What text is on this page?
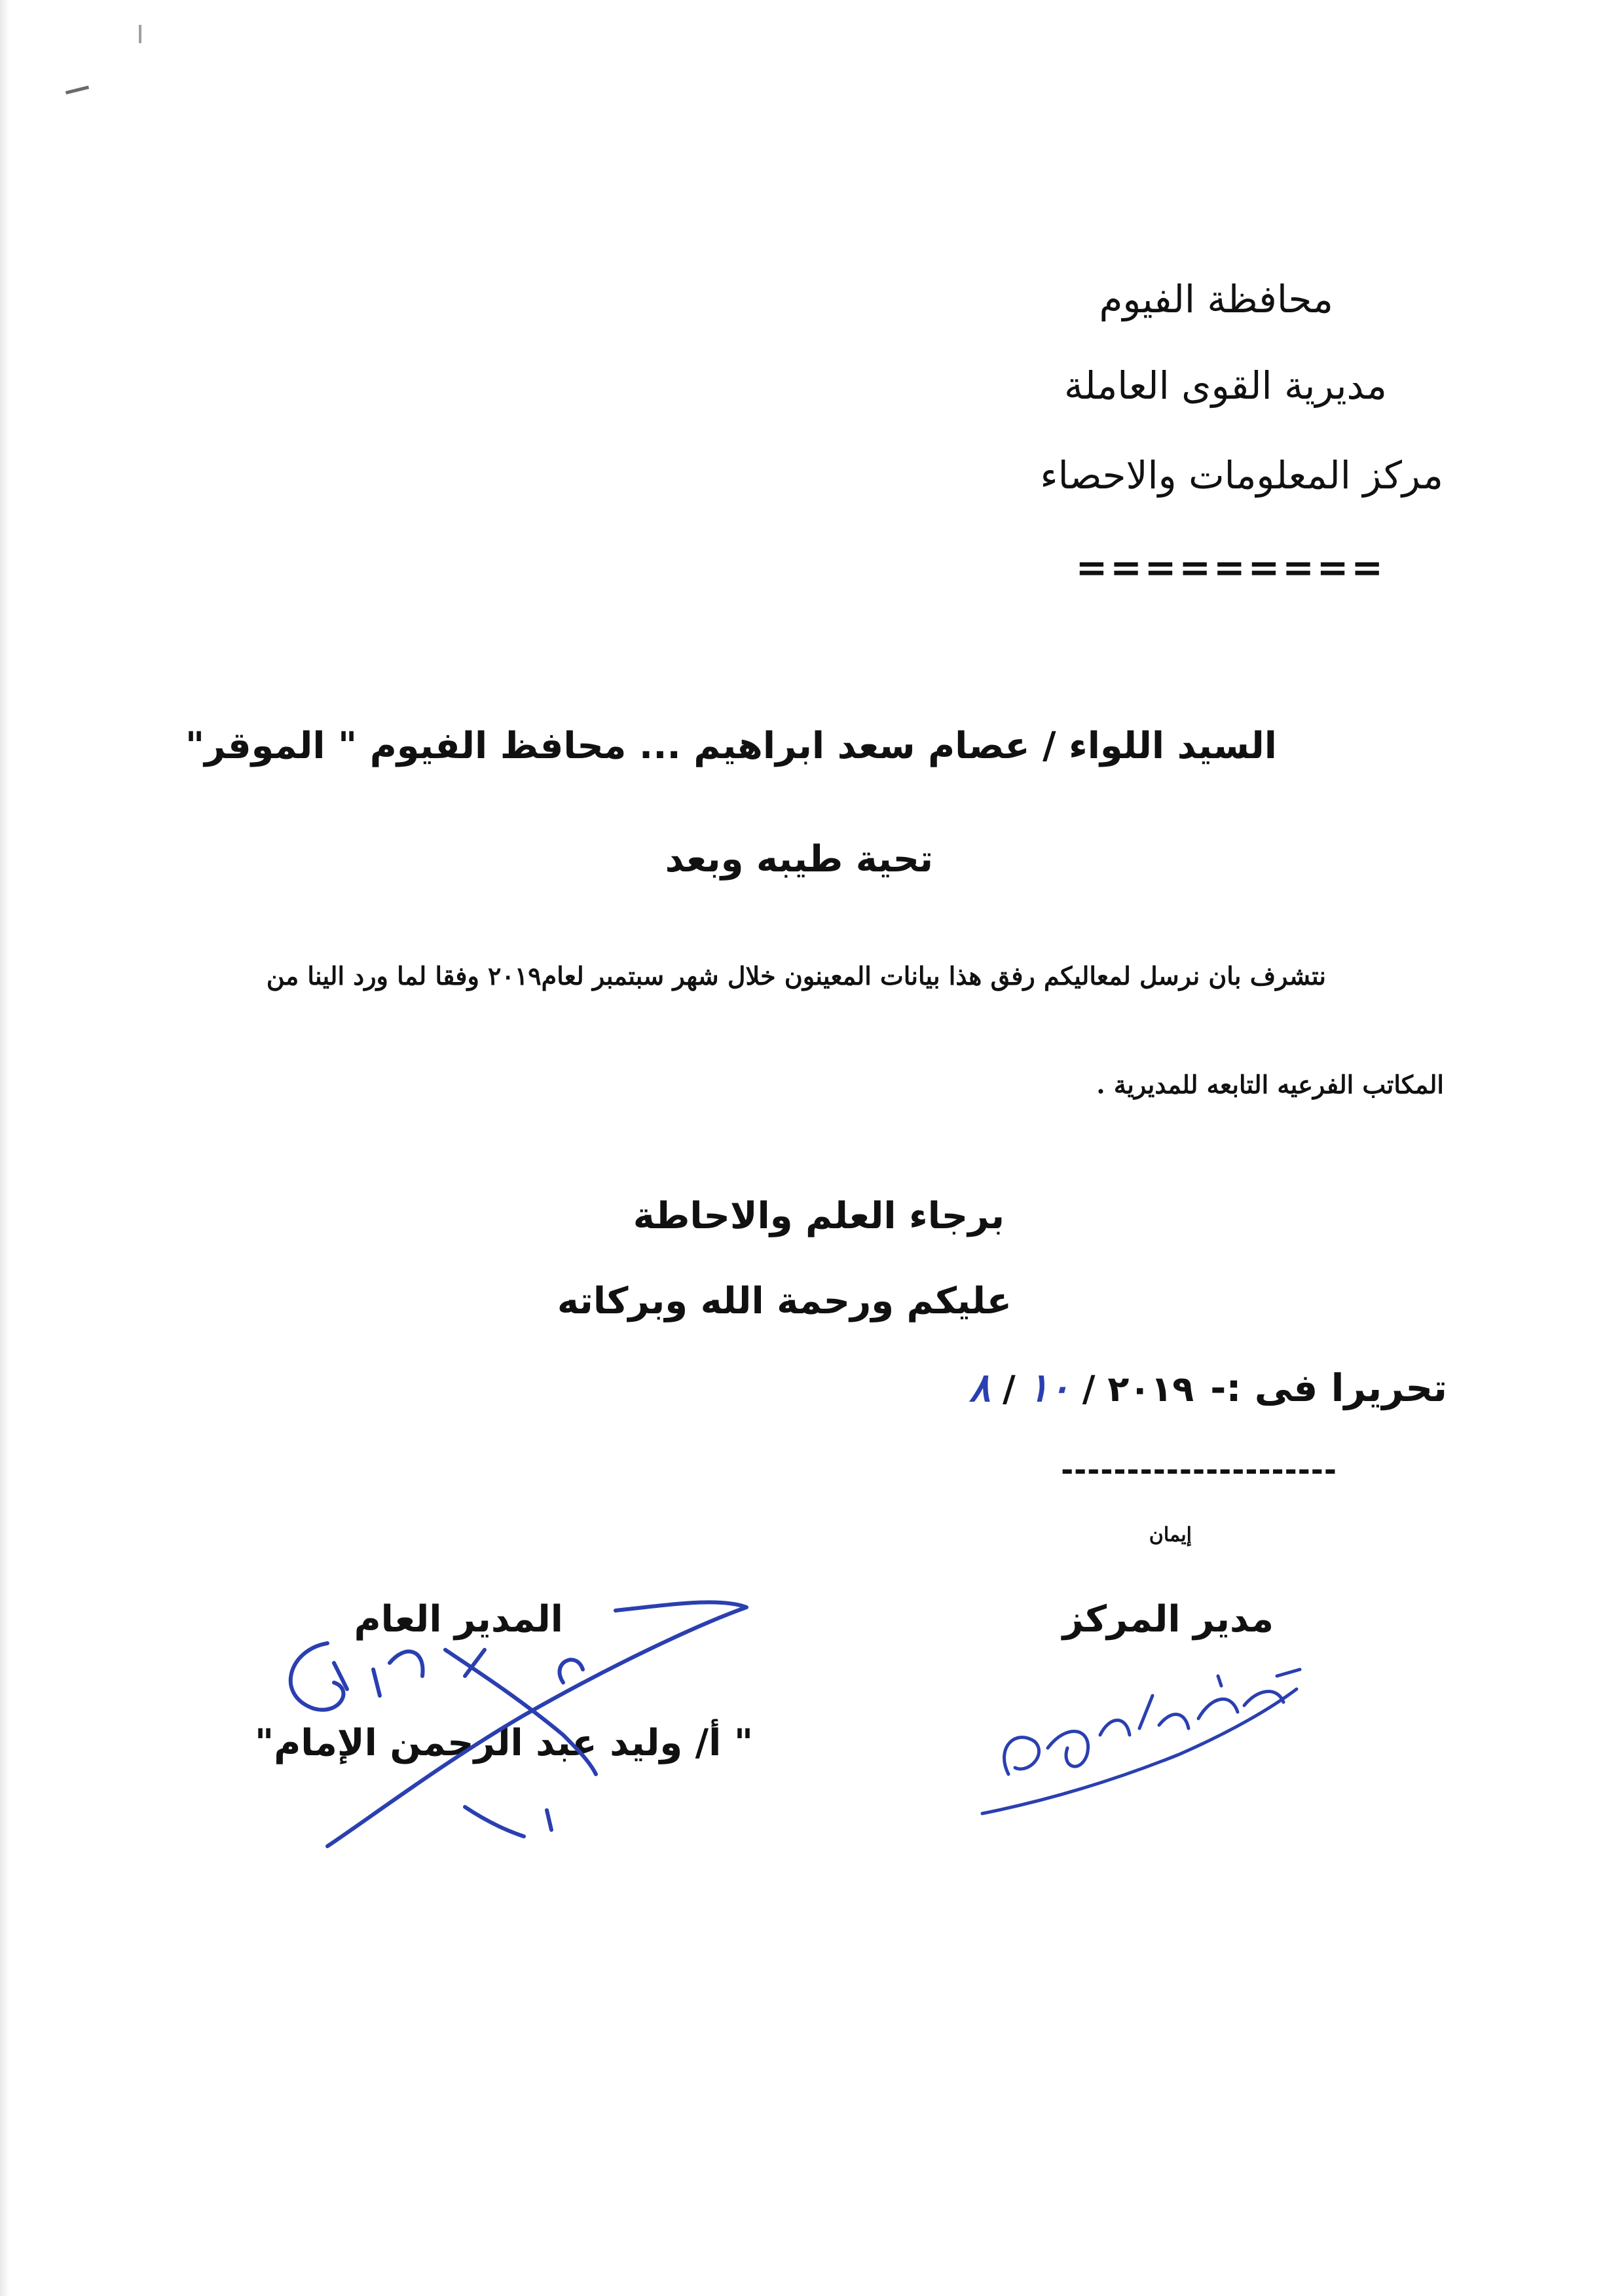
محافظة الفيوم
مديرية القوى العاملة
مركز المعلومات والاحصاء
=========
السيد اللواء / عصام سعد ابراهيم ... محافظ الفيوم " الموقر"
تحية طيبه وبعد
نتشرف بان نرسل لمعاليكم رفق هذا بيانات المعينون خلال شهر سبتمبر لعام٢٠١٩ وفقا لما ورد الينا من
المكاتب الفرعيه التابعه للمديرية .
برجاء العلم والاحاطة
عليكم ورحمة الله وبركاته
تحريرا فى :- ٢٠١٩ / ١٠ / ٨
---------------------
إيمان
مدير المركز
المدير العام
" أ/ وليد عبد الرحمن الإمام"
